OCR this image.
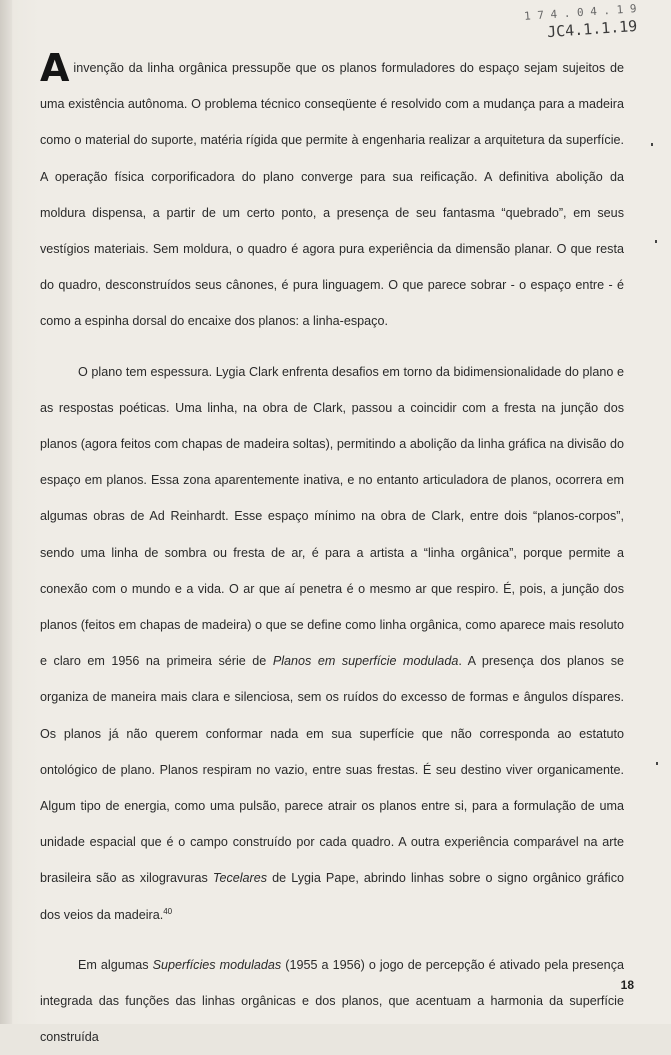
1 7 4 . 0 4 . 1 9
JC4.1.1.19

A invenção da linha orgânica pressupõe que os planos formuladores do espaço sejam sujeitos de uma existência autônoma. O problema técnico conseqüente é resolvido com a mudança para a madeira como o material do suporte, matéria rígida que permite à engenharia realizar a arquitetura da superfície. A operação física corporificadora do plano converge para sua reificação. A definitiva abolição da moldura dispensa, a partir de um certo ponto, a presença de seu fantasma “quebrado”, em seus vestígios materiais. Sem moldura, o quadro é agora pura experiência da dimensão planar. O que resta do quadro, desconstruídos seus cânones, é pura linguagem. O que parece sobrar - o espaço entre - é como a espinha dorsal do encaixe dos planos: a linha-espaço.

O plano tem espessura. Lygia Clark enfrenta desafios em torno da bidimensionalidade do plano e as respostas poéticas. Uma linha, na obra de Clark, passou a coincidir com a fresta na junção dos planos (agora feitos com chapas de madeira soltas), permitindo a abolição da linha gráfica na divisão do espaço em planos. Essa zona aparentemente inativa, e no entanto articuladora de planos, ocorrera em algumas obras de Ad Reinhardt. Esse espaço mínimo na obra de Clark, entre dois “planos-corpos”, sendo uma linha de sombra ou fresta de ar, é para a artista a “linha orgânica”, porque permite a conexão com o mundo e a vida. O ar que aí penetra é o mesmo ar que respiro. É, pois, a junção dos planos (feitos em chapas de madeira) o que se define como linha orgânica, como aparece mais resoluto e claro em 1956 na primeira série de Planos em superfície modulada. A presença dos planos se organiza de maneira mais clara e silenciosa, sem os ruídos do excesso de formas e ângulos díspares. Os planos já não querem conformar nada em sua superfície que não corresponda ao estatuto ontológico de plano. Planos respiram no vazio, entre suas frestas. É seu destino viver organicamente. Algum tipo de energia, como uma pulsão, parece atrair os planos entre si, para a formulação de uma unidade espacial que é o campo construído por cada quadro. A outra experiência comparável na arte brasileira são as xilogravuras Tecelares de Lygia Pape, abrindo linhas sobre o signo orgânico gráfico dos veios da madeira.$^{40}$

Em algumas Superfícies moduladas (1955 a 1956) o jogo de percepção é ativado pela presença integrada das funções das linhas orgânicas e dos planos, que acentuam a harmonia da superfície construída

18
